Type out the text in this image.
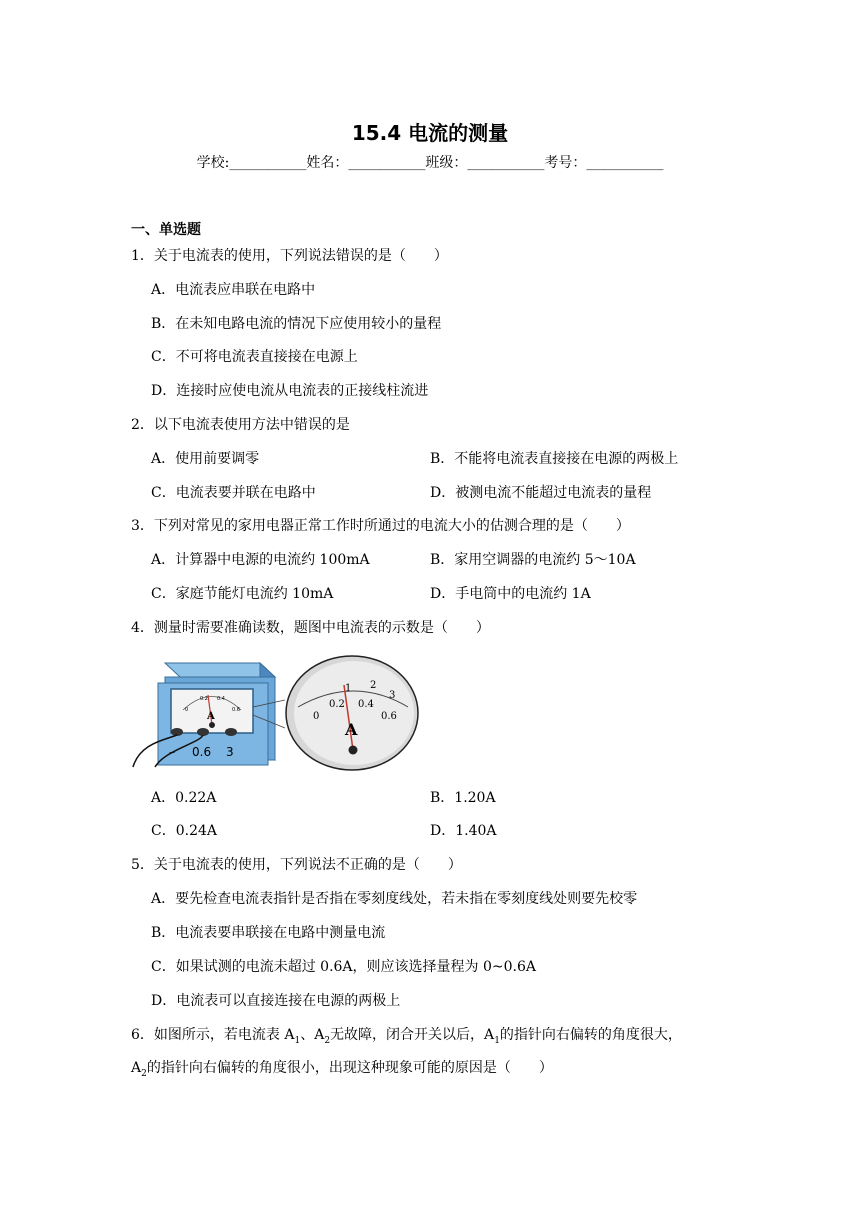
15.4 电流的测量
学校:___________姓名：___________班级：___________考号：___________
一、单选题
1．关于电流表的使用，下列说法错误的是（　　）
A．电流表应串联在电路中
B．在未知电路电流的情况下应使用较小的量程
C．不可将电流表直接接在电源上
D．连接时应使电流从电流表的正接线柱流进
2．以下电流表使用方法中错误的是
A．使用前要调零	B．不能将电流表直接接在电源的两极上
C．电流表要并联在电路中	D．被测电流不能超过电流表的量程
3．下列对常见的家用电器正常工作时所通过的电流大小的估测合理的是（　　）
A．计算器中电源的电流约 100mA	B．家用空调器的电流约 5～10A
C．家庭节能灯电流约 10mA	D．手电筒中的电流约 1A
4．测量时需要准确读数，题图中电流表的示数是（　　）
A
0
0.2 0.4
0.6
– 0.6 3
A
1 2
3
0
0.2 0.4
0.6
A．0.22A	B．1.20A
C．0.24A	D．1.40A
5．关于电流表的使用，下列说法不正确的是（　　）
A．要先检查电流表指针是否指在零刻度线处，若未指在零刻度线处则要先校零
B．电流表要串联接在电路中测量电流
C．如果试测的电流未超过 0.6A，则应该选择量程为 0~0.6A
D．电流表可以直接连接在电源的两极上
6．如图所示，若电流表 $A_1$、$A_2$无故障，闭合开关以后，$A_1$的指针向右偏转的角度很大，
$A_2$的指针向右偏转的角度很小，出现这种现象可能的原因是（　　）
